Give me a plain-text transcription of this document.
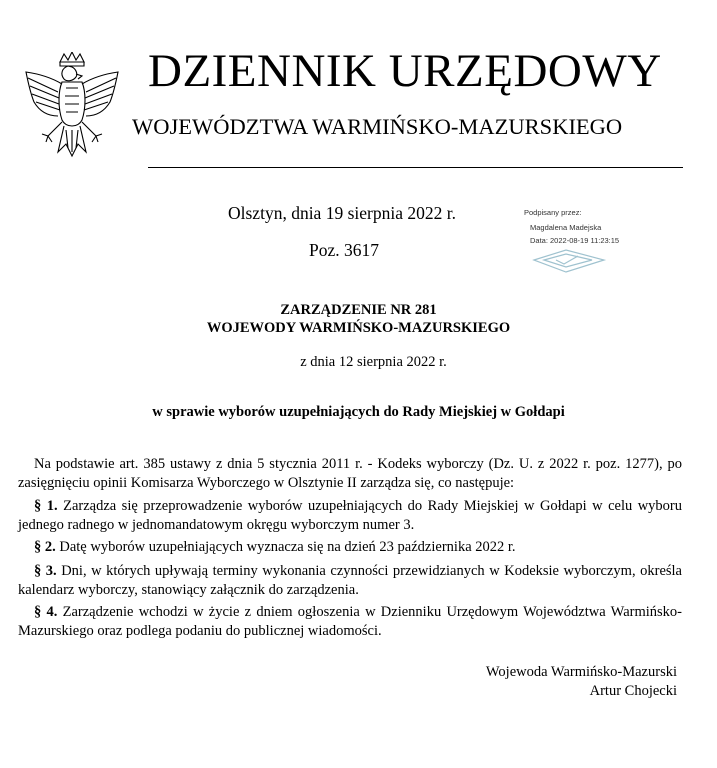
DZIENNIK URZĘDOWY
WOJEWÓDZTWA WARMIŃSKO-MAZURSKIEGO
Olsztyn, dnia 19 sierpnia 2022 r.
Poz. 3617
Podpisany przez:
Magdalena Madejska
Data: 2022-08-19 11:23:15
ZARZĄDZENIE NR 281
WOJEWODY WARMIŃSKO-MAZURSKIEGO
z dnia 12 sierpnia 2022 r.
w sprawie wyborów uzupełniających do Rady Miejskiej w Gołdapi
Na podstawie art. 385 ustawy z dnia 5 stycznia 2011 r. - Kodeks wyborczy (Dz. U. z 2022 r. poz. 1277), po zasięgnięciu opinii Komisarza Wyborczego w Olsztynie II zarządza się, co następuje:
§ 1. Zarządza się przeprowadzenie wyborów uzupełniających do Rady Miejskiej w Gołdapi w celu wyboru jednego radnego w jednomandatowym okręgu wyborczym numer 3.
§ 2. Datę wyborów uzupełniających wyznacza się na dzień 23 października 2022 r.
§ 3. Dni, w których upływają terminy wykonania czynności przewidzianych w Kodeksie wyborczym, określa kalendarz wyborczy, stanowiący załącznik do zarządzenia.
§ 4. Zarządzenie wchodzi w życie z dniem ogłoszenia w Dzienniku Urzędowym Województwa Warmińsko-Mazurskiego oraz podlega podaniu do publicznej wiadomości.
Wojewoda Warmińsko-Mazurski
Artur Chojecki
